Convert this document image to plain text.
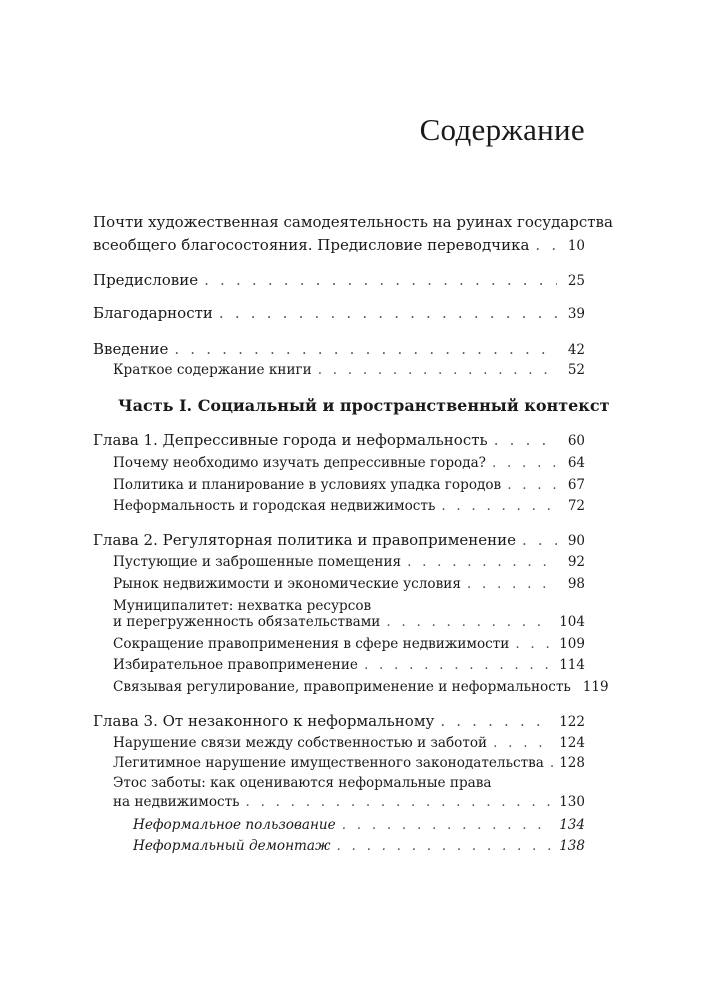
Содержание
Почти художественная самодеятельность на руинах государства
всеобщего благосостояния. Предисловие переводчика . . .	10
Предисловие . . .	25
Благодарности . . .	39
Введение . . .	42
Краткое содержание книги . . .	52
Часть I. Социальный и пространственный контекст
Глава 1. Депрессивные города и неформальность . . .	60
Почему необходимо изучать депрессивные города? . . .	64
Политика и планирование в условиях упадка городов . . .	67
Неформальность и городская недвижимость . . .	72
Глава 2. Регуляторная политика и правоприменение . . .	90
Пустующие и заброшенные помещения . . .	92
Рынок недвижимости и экономические условия . . .	98
Муниципалитет: нехватка ресурсов
и перегруженность обязательствами . . .	104
Сокращение правоприменения в сфере недвижимости . . .	109
Избирательное правоприменение . . .	114
Связывая регулирование, правоприменение и неформальность 119
Глава 3. От незаконного к неформальному . . .	122
Нарушение связи между собственностью и заботой . . .	124
Легитимное нарушение имущественного законодательства . . . 128
Этос заботы: как оцениваются неформальные права
на недвижимость . . .	130
Неформальное пользование . . .	134
Неформальный демонтаж . . .	138
